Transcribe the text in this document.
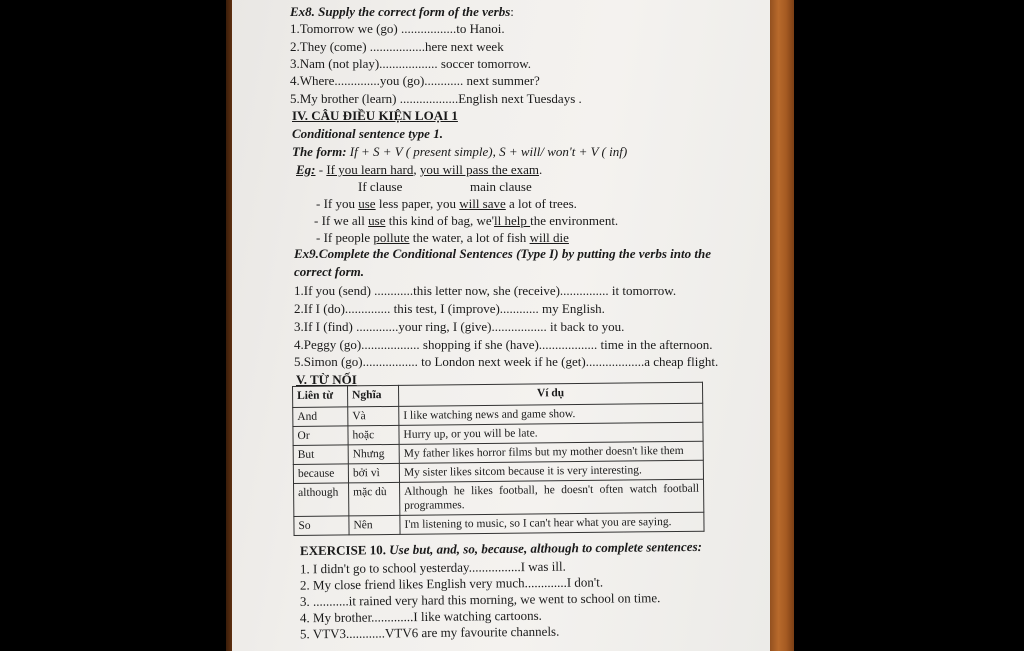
Ex8. Supply the correct form of the verbs:
1.Tomorrow we (go) .................to Hanoi.
2.They (come) .................here next week
3.Nam (not play).................. soccer tomorrow.
4.Where..............you (go)............ next summer?
5.My brother (learn) ..................English next Tuesdays .
IV. CÂU ĐIỀU KIỆN LOẠI 1
Conditional sentence type 1.
The form: If + S + V ( present simple), S + will/ won't + V ( inf)
Eg: - If you learn hard, you will pass the exam.
If clause	main clause
- If you use less paper, you will save a lot of trees.
- If we all use this kind of bag, we'll help the environment.
- If people pollute the water, a lot of fish will die
Ex9.Complete the Conditional Sentences (Type I) by putting the verbs into the
correct form.
1.If you (send) ............this letter now, she (receive)............... it tomorrow.
2.If I (do).............. this test, I (improve)............ my English.
3.If I (find) .............your ring, I (give)................. it back to you.
4.Peggy (go).................. shopping if she (have).................. time in the afternoon.
5.Simon (go)................. to London next week if he (get)..................a cheap flight.
V. TỪ NỐI
Liên từ	Nghĩa	Ví dụ
And	Và	I like watching news and game show.
Or	hoặc	Hurry up, or you will be late.
But	Nhưng	My father likes horror films but my mother doesn't like them
because	bởi vì	My sister likes sitcom because it is very interesting.
although	mặc dù	Although he likes football, he doesn't often watch football programmes.
So	Nên	I'm listening to music, so I can't hear what you are saying.
EXERCISE 10. Use but, and, so, because, although to complete sentences:
1. I didn't go to school yesterday................I was ill.
2. My close friend likes English very much.............I don't.
3. ...........it rained very hard this morning, we went to school on time.
4. My brother.............I like watching cartoons.
5. VTV3............VTV6 are my favourite channels.
